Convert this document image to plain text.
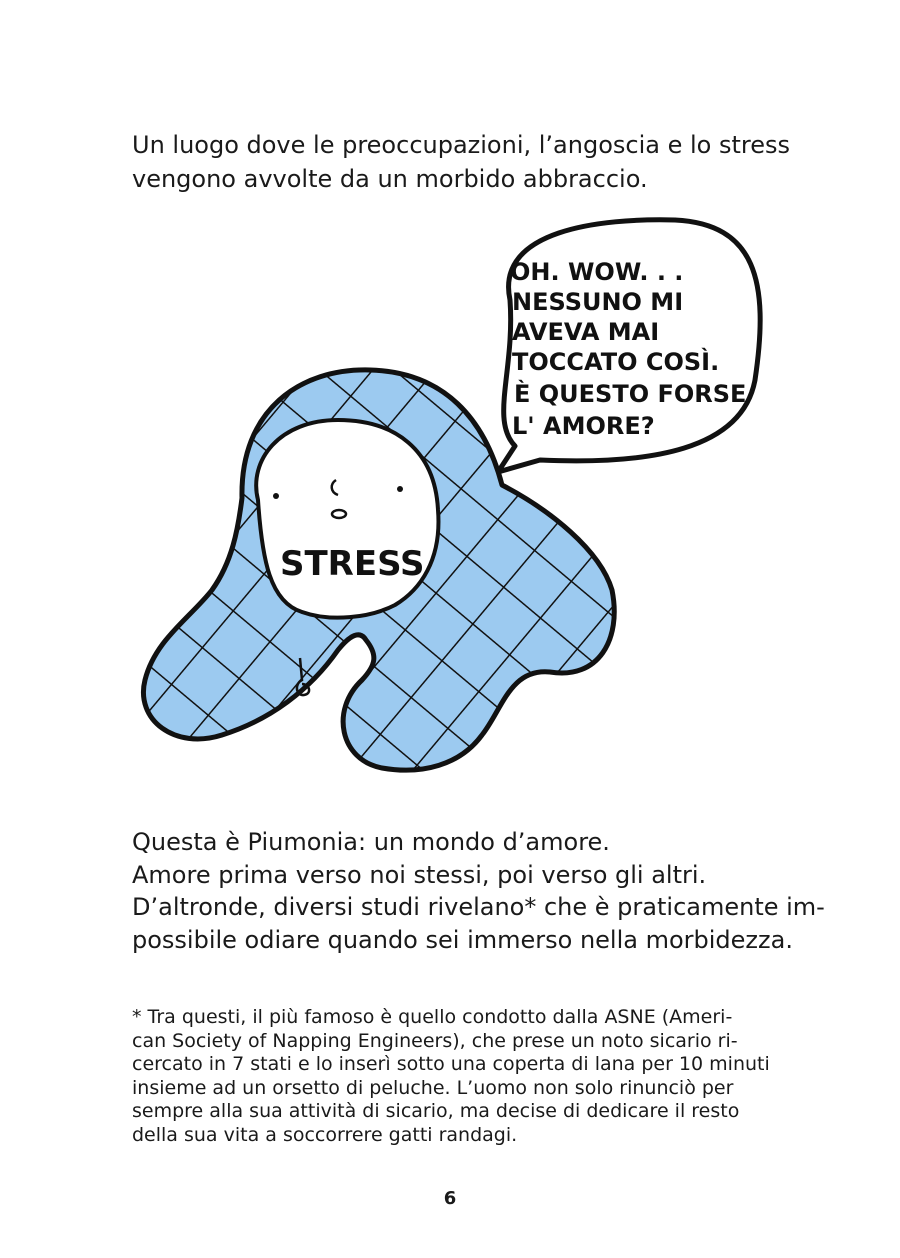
Un luogo dove le preoccupazioni, l’angoscia e lo stress
vengono avvolte da un morbido abbraccio.

OH. WOW. . .
NESSUNO MI
AVEVA MAI
TOCCATO COSÌ.
È QUESTO FORSE
L' AMORE?
STRESS

Questa è Piumonia: un mondo d’amore.
Amore prima verso noi stessi, poi verso gli altri.
D’altronde, diversi studi rivelano* che è praticamente im-
possibile odiare quando sei immerso nella morbidezza.

* Tra questi, il più famoso è quello condotto dalla ASNE (Ameri-
can Society of Napping Engineers), che prese un noto sicario ri-
cercato in 7 stati e lo inserì sotto una coperta di lana per 10 minuti
insieme ad un orsetto di peluche. L’uomo non solo rinunciò per
sempre alla sua attività di sicario, ma decise di dedicare il resto
della sua vita a soccorrere gatti randagi.

6
